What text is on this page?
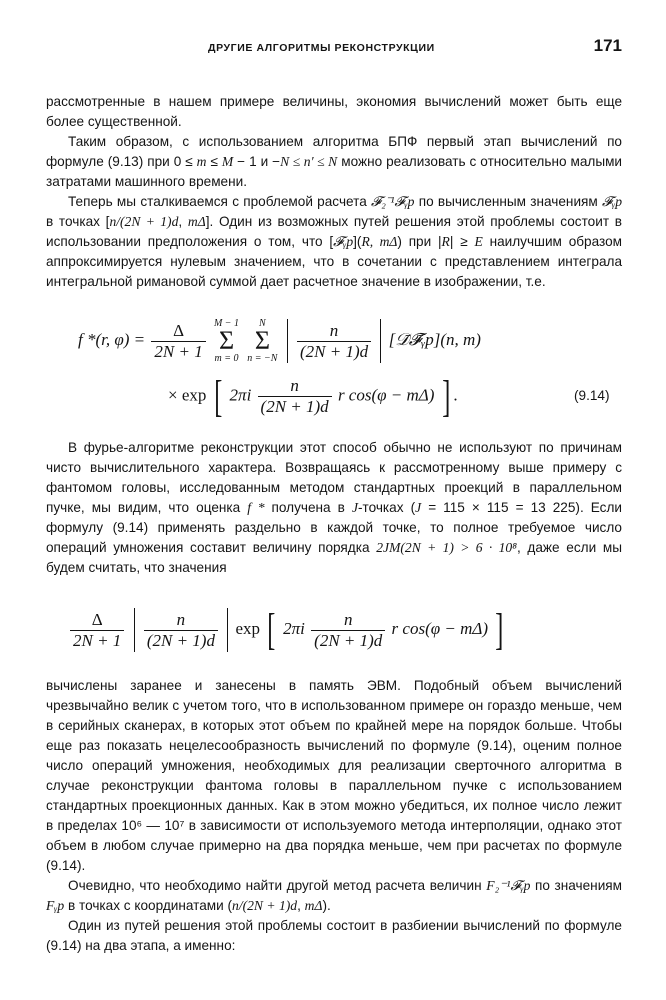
ДРУГИЕ АЛГОРИТМЫ РЕКОНСТРУКЦИИ	171

рассмотренные в нашем примере величины, экономия вычислений может быть еще более существенной.

Таким образом, с использованием алгоритма БПФ первый этап вычислений по формуле (9.13) при 0 ≤ m ≤ M − 1 и −N ≤ n′ ≤ N можно реализовать с относительно малыми затратами машинного времени.

Теперь мы сталкиваемся с проблемой расчета 𝓕₂⁻¹𝓕ᵧp по вычисленным значениям 𝓕ᵧp в точках [n/(2N + 1)d, mΔ]. Один из возможных путей решения этой проблемы состоит в использовании предположения о том, что [𝓕ᵧp](R, mΔ) при |R| ≥ E наилучшим образом аппроксимируется нулевым значением, что в сочетании с представлением интеграла интегральной римановой суммой дает расчетное значение в изображении, т.е.

f *(r, $\varphi) = \frac{\Delta}{2N + 1}$
M − 1
Σ
m = 0

N
Σ
n = −N
$\frac{n}{(2N + 1)d}$ [𝒟̄𝓕̄ᵧp](n, m)
× exp [ $2\pi i \frac{n}{(2N + 1)d}$ r cos(φ − mΔ) ] .	(9.14)

В фурье-алгоритме реконструкции этот способ обычно не используют по причинам чисто вычислительного характера. Возвращаясь к рассмотренному выше примеру с фантомом головы, исследованным методом стандартных проекций в параллельном пучке, мы видим, что оценка f * получена в J-точках (J = 115 × 115 = 13 225). Если формулу (9.14) применять раздельно в каждой точке, то полное требуемое число операций умножения составит величину порядка 2JM(2N + 1) > 6 · 10⁸, даже если мы будем считать, что значения

$\frac{\Delta}{2N + 1}$
$\frac{n}{(2N + 1)d}$ exp [ $2\pi i \frac{n}{(2N + 1)d}$ r cos(φ − mΔ) ]

вычислены заранее и занесены в память ЭВМ. Подобный объем вычислений чрезвычайно велик с учетом того, что в использованном примере он гораздо меньше, чем в серийных сканерах, в которых этот объем по крайней мере на порядок больше. Чтобы еще раз показать нецелесообразность вычислений по формуле (9.14), оценим полное число операций умножения, необходимых для реализации сверточного алгоритма в случае реконструкции фантома головы в параллельном пучке с использованием стандартных проекционных данных. Как в этом можно убедиться, их полное число лежит в пределах 10⁶ — 10⁷ в зависимости от используемого метода интерполяции, однако этот объем в любом случае примерно на два порядка меньше, чем при расчетах по формуле (9.14).

Очевидно, что необходимо найти другой метод расчета величин F₂⁻¹𝓕ᵧp по значениям Fᵧp в точках с координатами (n/(2N + 1)d, mΔ).

Один из путей решения этой проблемы состоит в разбиении вычислений по формуле (9.14) на два этапа, а именно:
